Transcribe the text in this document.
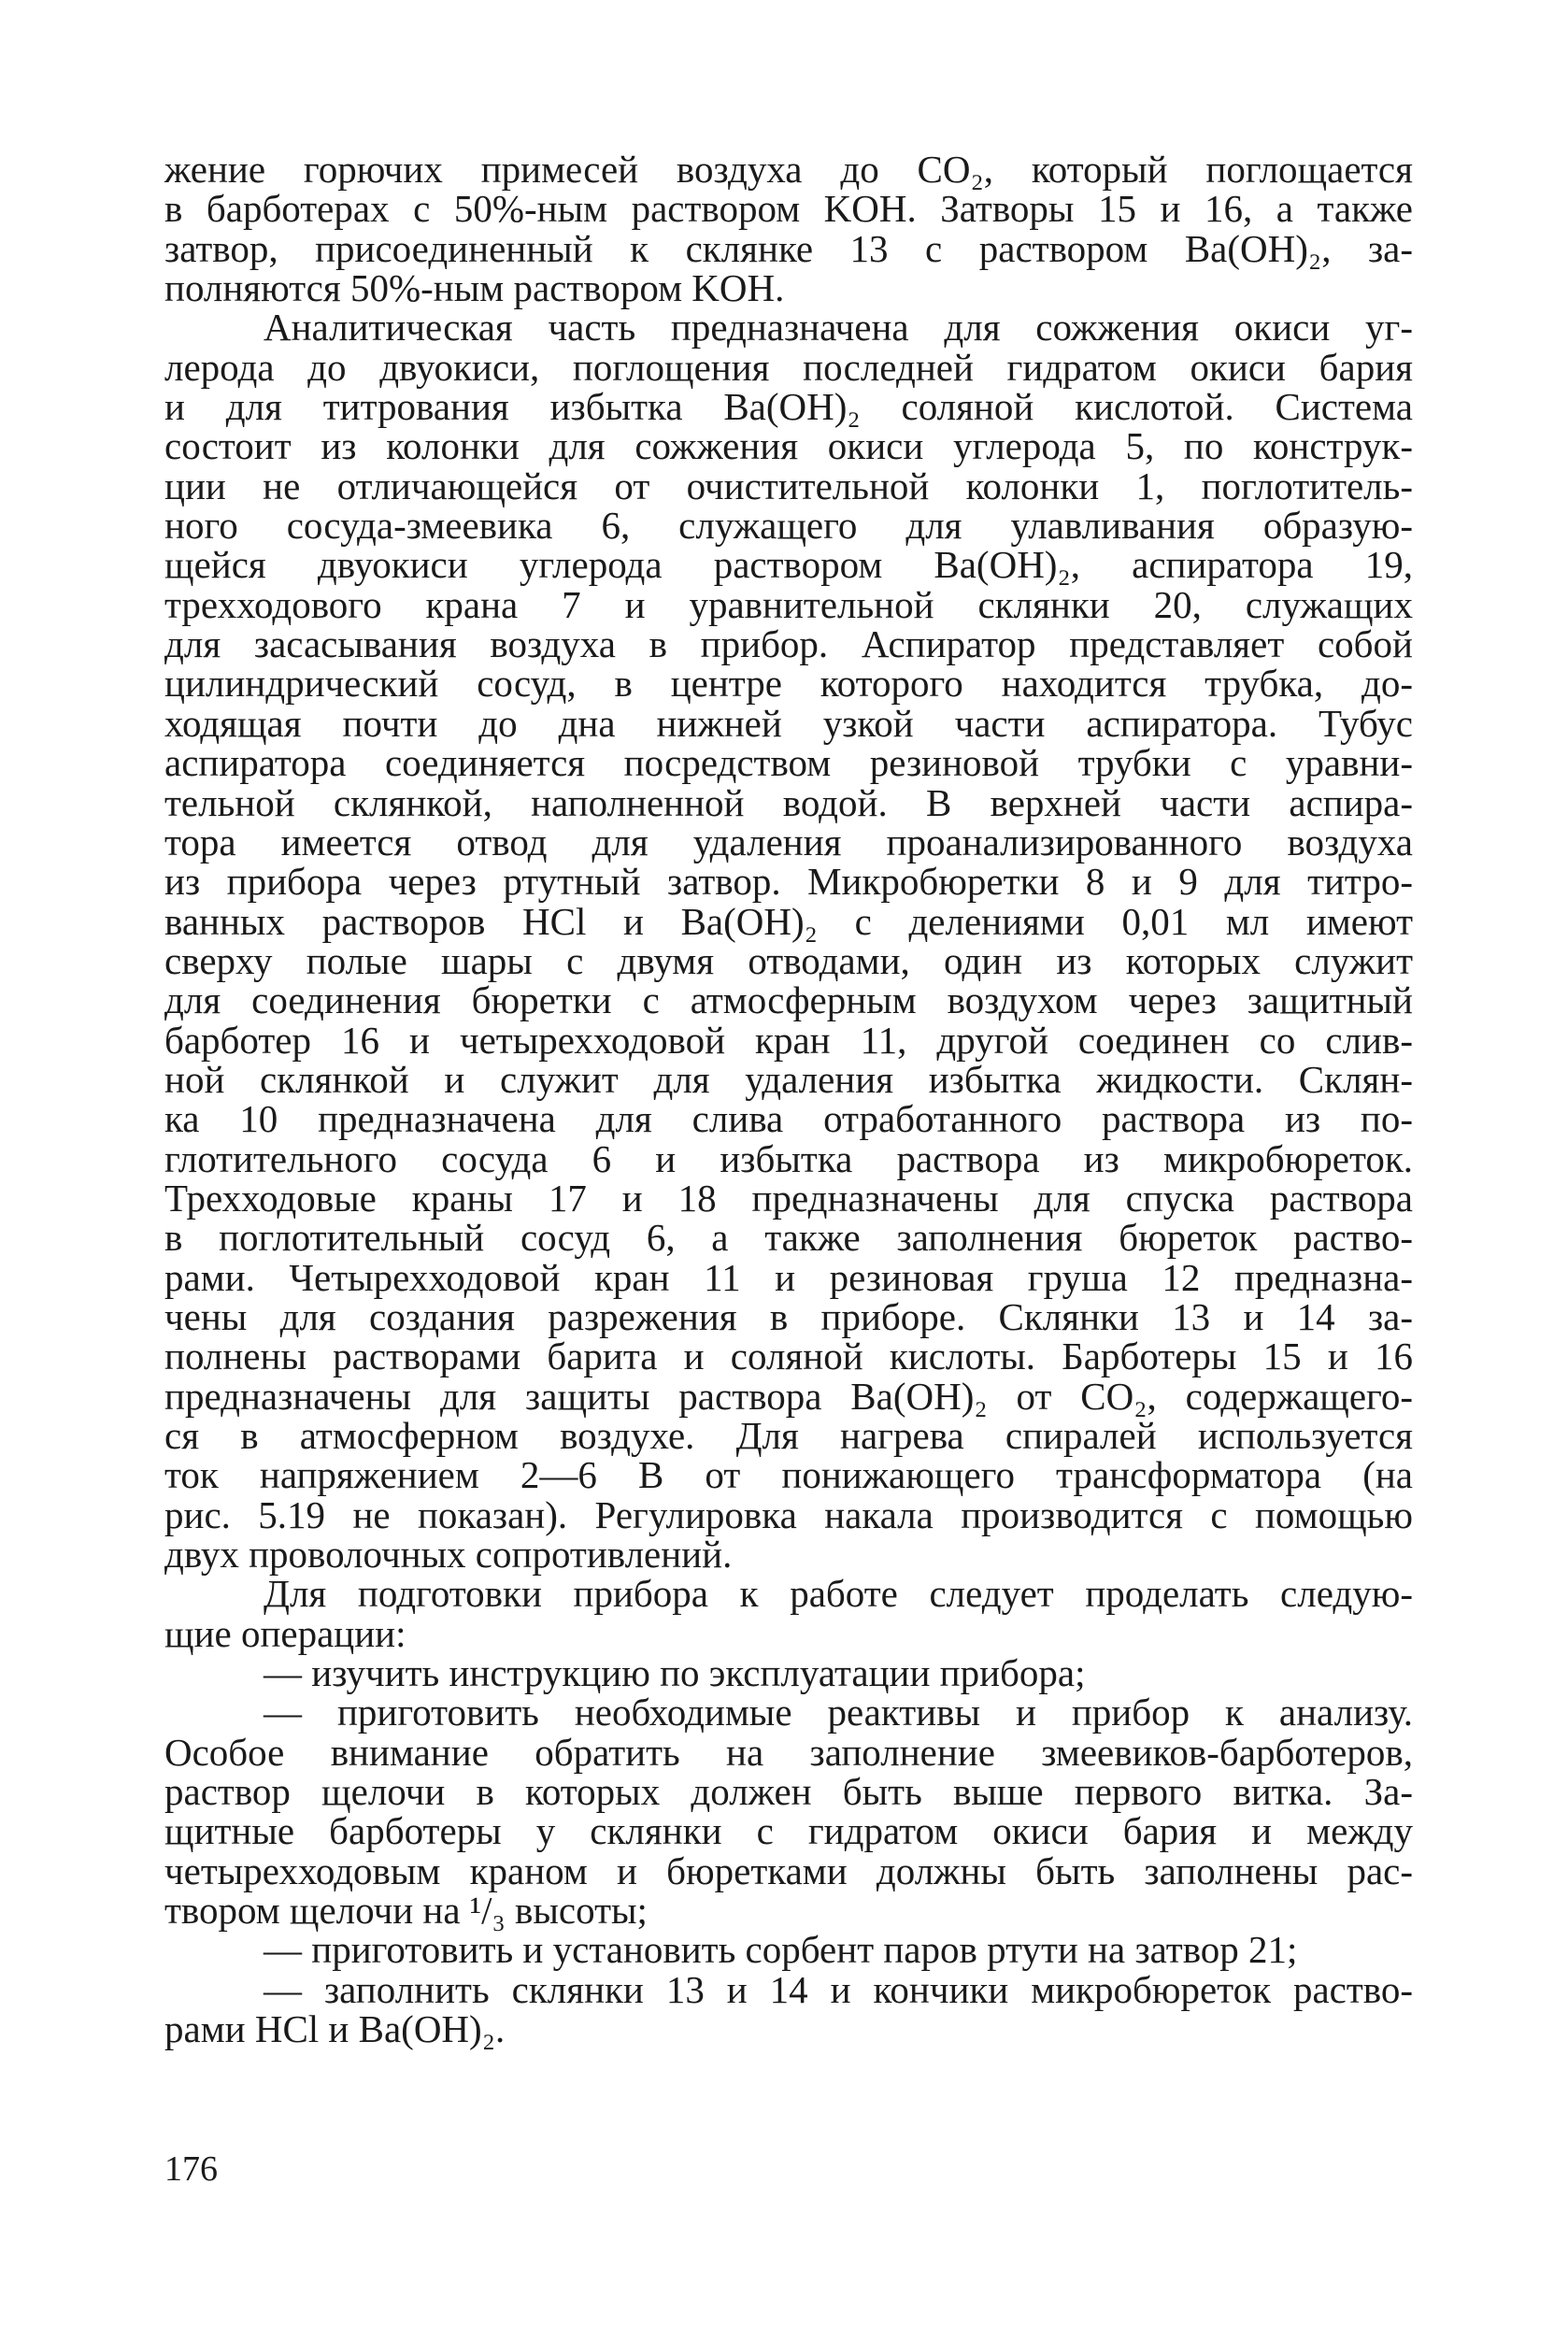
жение горючих примесей воздуха до CO₂, который поглощается
в барботерах с 50%-ным раствором KOH. Затворы 15 и 16, а также
затвор, присоединенный к склянке 13 с раствором Ba(OH)₂, за-
полняются 50%-ным раствором KOH.
Аналитическая часть предназначена для сожжения окиси уг-
лерода до двуокиси, поглощения последней гидратом окиси бария
и для титрования избытка Ba(OH)₂ соляной кислотой. Система
состоит из колонки для сожжения окиси углерода 5, по конструк-
ции не отличающейся от очистительной колонки 1, поглотитель-
ного сосуда-змеевика 6, служащего для улавливания образую-
щейся двуокиси углерода раствором Ba(OH)₂, аспиратора 19,
трехходового крана 7 и уравнительной склянки 20, служащих
для засасывания воздуха в прибор. Аспиратор представляет собой
цилиндрический сосуд, в центре которого находится трубка, до-
ходящая почти до дна нижней узкой части аспиратора. Тубус
аспиратора соединяется посредством резиновой трубки с уравни-
тельной склянкой, наполненной водой. В верхней части аспира-
тора имеется отвод для удаления проанализированного воздуха
из прибора через ртутный затвор. Микробюретки 8 и 9 для титро-
ванных растворов HCl и Ba(OH)₂ с делениями 0,01 мл имеют
сверху полые шары с двумя отводами, один из которых служит
для соединения бюретки с атмосферным воздухом через защитный
барботер 16 и четырехходовой кран 11, другой соединен со слив-
ной склянкой и служит для удаления избытка жидкости. Склян-
ка 10 предназначена для слива отработанного раствора из по-
глотительного сосуда 6 и избытка раствора из микробюреток.
Трехходовые краны 17 и 18 предназначены для спуска раствора
в поглотительный сосуд 6, а также заполнения бюреток раство-
рами. Четырехходовой кран 11 и резиновая груша 12 предназна-
чены для создания разрежения в приборе. Склянки 13 и 14 за-
полнены растворами барита и соляной кислоты. Барботеры 15 и 16
предназначены для защиты раствора Ba(OH)₂ от CO₂, содержащего-
ся в атмосферном воздухе. Для нагрева спиралей используется
ток напряжением 2—6 В от понижающего трансформатора (на
рис. 5.19 не показан). Регулировка накала производится с помощью
двух проволочных сопротивлений.
Для подготовки прибора к работе следует проделать следую-
щие операции:
— изучить инструкцию по эксплуатации прибора;
— приготовить необходимые реактивы и прибор к анализу.
Особое внимание обратить на заполнение змеевиков-барботеров,
раствор щелочи в которых должен быть выше первого витка. За-
щитные барботеры у склянки с гидратом окиси бария и между
четырехходовым краном и бюретками должны быть заполнены рас-
твором щелочи на ¹/₃ высоты;
— приготовить и установить сорбент паров ртути на затвор 21;
— заполнить склянки 13 и 14 и кончики микробюреток раство-
рами HCl и Ba(OH)₂.
176
